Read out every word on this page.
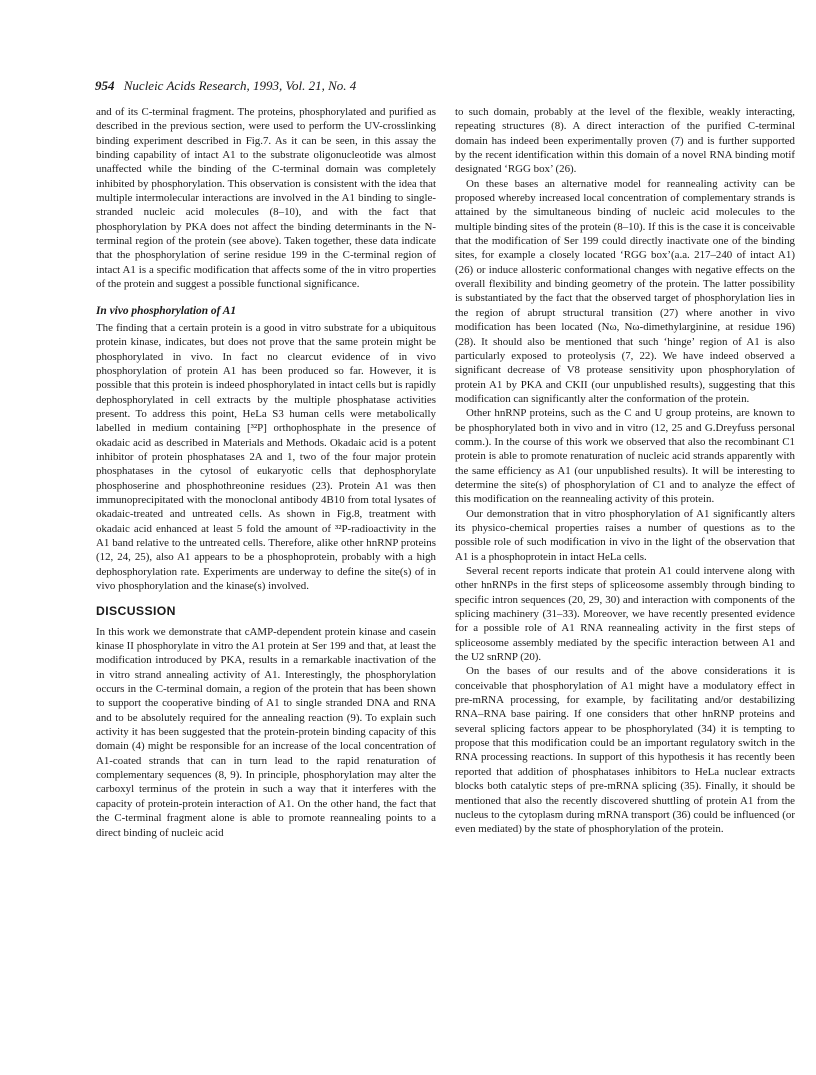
954 Nucleic Acids Research, 1993, Vol. 21, No. 4

and of its C-terminal fragment. The proteins, phosphorylated and purified as described in the previous section, were used to perform the UV-crosslinking binding experiment described in Fig.7. As it can be seen, in this assay the binding capability of intact A1 to the substrate oligonucleotide was almost unaffected while the binding of the C-terminal domain was completely inhibited by phosphorylation. This observation is consistent with the idea that multiple intermolecular interactions are involved in the A1 binding to single-stranded nucleic acid molecules (8–10), and with the fact that phosphorylation by PKA does not affect the binding determinants in the N-terminal region of the protein (see above). Taken together, these data indicate that the phosphorylation of serine residue 199 in the C-terminal region of intact A1 is a specific modification that affects some of the in vitro properties of the protein and suggest a possible functional significance.

In vivo phosphorylation of A1

The finding that a certain protein is a good in vitro substrate for a ubiquitous protein kinase, indicates, but does not prove that the same protein might be phosphorylated in vivo. In fact no clearcut evidence of in vivo phosphorylation of protein A1 has been produced so far. However, it is possible that this protein is indeed phosphorylated in intact cells but is rapidly dephosphorylated in cell extracts by the multiple phosphatase activities present. To address this point, HeLa S3 human cells were metabolically labelled in medium containing [³²P] orthophosphate in the presence of okadaic acid as described in Materials and Methods. Okadaic acid is a potent inhibitor of protein phosphatases 2A and 1, two of the four major protein phosphatases in the cytosol of eukaryotic cells that dephosphorylate phosphoserine and phosphothreonine residues (23). Protein A1 was then immunoprecipitated with the monoclonal antibody 4B10 from total lysates of okadaic-treated and untreated cells. As shown in Fig.8, treatment with okadaic acid enhanced at least 5 fold the amount of ³²P-radioactivity in the A1 band relative to the untreated cells. Therefore, alike other hnRNP proteins (12, 24, 25), also A1 appears to be a phosphoprotein, probably with a high dephosphorylation rate. Experiments are underway to define the site(s) of in vivo phosphorylation and the kinase(s) involved.

DISCUSSION

In this work we demonstrate that cAMP-dependent protein kinase and casein kinase II phosphorylate in vitro the A1 protein at Ser 199 and that, at least the modification introduced by PKA, results in a remarkable inactivation of the in vitro strand annealing activity of A1. Interestingly, the phosphorylation occurs in the C-terminal domain, a region of the protein that has been shown to support the cooperative binding of A1 to single stranded DNA and RNA and to be absolutely required for the annealing reaction (9). To explain such activity it has been suggested that the protein-protein binding capacity of this domain (4) might be responsible for an increase of the local concentration of A1-coated strands that can in turn lead to the rapid renaturation of complementary sequences (8, 9). In principle, phosphorylation may alter the carboxyl terminus of the protein in such a way that it interferes with the capacity of protein-protein interaction of A1. On the other hand, the fact that the C-terminal fragment alone is able to promote reannealing points to a direct binding of nucleic acid

to such domain, probably at the level of the flexible, weakly interacting, repeating structures (8). A direct interaction of the purified C-terminal domain has indeed been experimentally proven (7) and is further supported by the recent identification within this domain of a novel RNA binding motif designated ‘RGG box’ (26).

On these bases an alternative model for reannealing activity can be proposed whereby increased local concentration of complementary strands is attained by the simultaneous binding of nucleic acid molecules to the multiple binding sites of the protein (8–10). If this is the case it is conceivable that the modification of Ser 199 could directly inactivate one of the binding sites, for example a closely located ‘RGG box’(a.a. 217–240 of intact A1) (26) or induce allosteric conformational changes with negative effects on the overall flexibility and binding geometry of the protein. The latter possibility is substantiated by the fact that the observed target of phosphorylation lies in the region of abrupt structural transition (27) where another in vivo modification has been located (Nω, Nω-dimethylarginine, at residue 196)(28). It should also be mentioned that such ‘hinge’ region of A1 is also particularly exposed to proteolysis (7, 22). We have indeed observed a significant decrease of V8 protease sensitivity upon phosphorylation of protein A1 by PKA and CKII (our unpublished results), suggesting that this modification can significantly alter the conformation of the protein.

Other hnRNP proteins, such as the C and U group proteins, are known to be phosphorylated both in vivo and in vitro (12, 25 and G.Dreyfuss personal comm.). In the course of this work we observed that also the recombinant C1 protein is able to promote renaturation of nucleic acid strands apparently with the same efficiency as A1 (our unpublished results). It will be interesting to determine the site(s) of phosphorylation of C1 and to analyze the effect of this modification on the reannealing activity of this protein.

Our demonstration that in vitro phosphorylation of A1 significantly alters its physico-chemical properties raises a number of questions as to the possible role of such modification in vivo in the light of the observation that A1 is a phosphoprotein in intact HeLa cells.

Several recent reports indicate that protein A1 could intervene along with other hnRNPs in the first steps of spliceosome assembly through binding to specific intron sequences (20, 29, 30) and interaction with components of the splicing machinery (31–33). Moreover, we have recently presented evidence for a possible role of A1 RNA reannealing activity in the first steps of spliceosome assembly mediated by the specific interaction between A1 and the U2 snRNP (20).

On the bases of our results and of the above considerations it is conceivable that phosphorylation of A1 might have a modulatory effect in pre-mRNA processing, for example, by facilitating and/or destabilizing RNA–RNA base pairing. If one considers that other hnRNP proteins and several splicing factors appear to be phosphorylated (34) it is tempting to propose that this modification could be an important regulatory switch in the RNA processing reactions. In support of this hypothesis it has recently been reported that addition of phosphatases inhibitors to HeLa nuclear extracts blocks both catalytic steps of pre-mRNA splicing (35). Finally, it should be mentioned that also the recently discovered shuttling of protein A1 from the nucleus to the cytoplasm during mRNA transport (36) could be influenced (or even mediated) by the state of phosphorylation of the protein.
